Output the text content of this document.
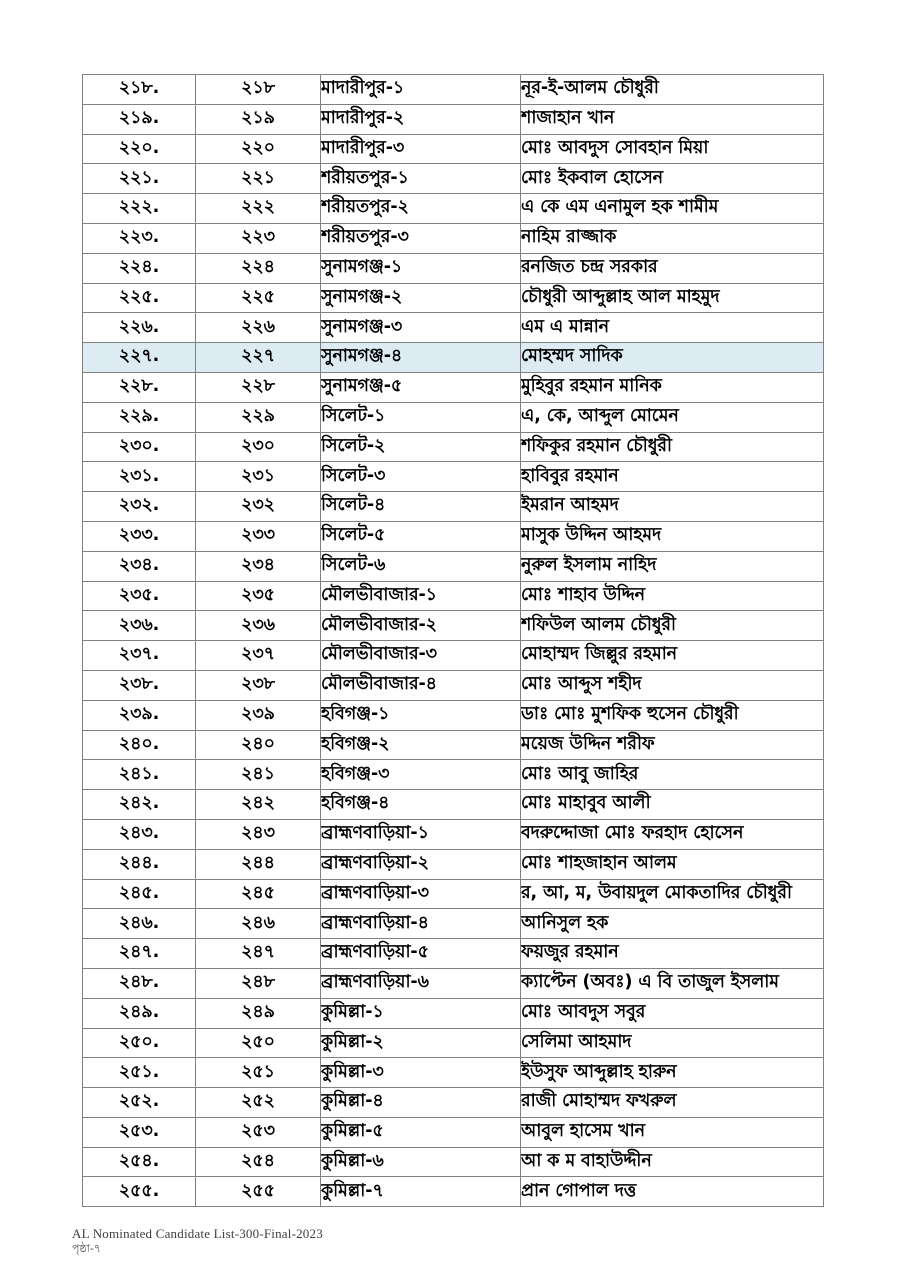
২১৮.	২১৮	মাদারীপুর-১	নূর-ই-আলম চৌধুরী
২১৯.	২১৯	মাদারীপুর-২	শাজাহান খান
২২০.	২২০	মাদারীপুর-৩	মোঃ আবদুস সোবহান মিয়া
২২১.	২২১	শরীয়তপুর-১	মোঃ ইকবাল হোসেন
২২২.	২২২	শরীয়তপুর-২	এ কে এম এনামুল হক শামীম
২২৩.	২২৩	শরীয়তপুর-৩	নাহিম রাজ্জাক
২২৪.	২২৪	সুনামগঞ্জ-১	রনজিত চন্দ্র সরকার
২২৫.	২২৫	সুনামগঞ্জ-২	চৌধুরী আব্দুল্লাহ আল মাহমুদ
২২৬.	২২৬	সুনামগঞ্জ-৩	এম এ মান্নান
২২৭.	২২৭	সুনামগঞ্জ-৪	মোহম্মদ সাদিক
২২৮.	২২৮	সুনামগঞ্জ-৫	মুহিবুর রহমান মানিক
২২৯.	২২৯	সিলেট-১	এ, কে, আব্দুল মোমেন
২৩০.	২৩০	সিলেট-২	শফিকুর রহমান চৌধুরী
২৩১.	২৩১	সিলেট-৩	হাবিবুর রহমান
২৩২.	২৩২	সিলেট-৪	ইমরান আহমদ
২৩৩.	২৩৩	সিলেট-৫	মাসুক উদ্দিন আহমদ
২৩৪.	২৩৪	সিলেট-৬	নুরুল ইসলাম নাহিদ
২৩৫.	২৩৫	মৌলভীবাজার-১	মোঃ শাহাব উদ্দিন
২৩৬.	২৩৬	মৌলভীবাজার-২	শফিউল আলম চৌধুরী
২৩৭.	২৩৭	মৌলভীবাজার-৩	মোহাম্মদ জিল্লুর রহমান
২৩৮.	২৩৮	মৌলভীবাজার-৪	মোঃ আব্দুস শহীদ
২৩৯.	২৩৯	হবিগঞ্জ-১	ডাঃ মোঃ মুশফিক হুসেন চৌধুরী
২৪০.	২৪০	হবিগঞ্জ-২	ময়েজ উদ্দিন শরীফ
২৪১.	২৪১	হবিগঞ্জ-৩	মোঃ আবু জাহির
২৪২.	২৪২	হবিগঞ্জ-৪	মোঃ মাহাবুব আলী
২৪৩.	২৪৩	ব্রাহ্মণবাড়িয়া-১	বদরুদ্দোজা মোঃ ফরহাদ হোসেন
২৪৪.	২৪৪	ব্রাহ্মণবাড়িয়া-২	মোঃ শাহজাহান আলম
২৪৫.	২৪৫	ব্রাহ্মণবাড়িয়া-৩	র, আ, ম, উবায়দুল মোকতাদির চৌধুরী
২৪৬.	২৪৬	ব্রাহ্মণবাড়িয়া-৪	আনিসুল হক
২৪৭.	২৪৭	ব্রাহ্মণবাড়িয়া-৫	ফয়জুর রহমান
২৪৮.	২৪৮	ব্রাহ্মণবাড়িয়া-৬	ক্যাপ্টেন (অবঃ) এ বি তাজুল ইসলাম
২৪৯.	২৪৯	কুমিল্লা-১	মোঃ আবদুস সবুর
২৫০.	২৫০	কুমিল্লা-২	সেলিমা আহমাদ
২৫১.	২৫১	কুমিল্লা-৩	ইউসুফ আব্দুল্লাহ হারুন
২৫২.	২৫২	কুমিল্লা-৪	রাজী মোহাম্মদ ফখরুল
২৫৩.	২৫৩	কুমিল্লা-৫	আবুল হাসেম খান
২৫৪.	২৫৪	কুমিল্লা-৬	আ ক ম বাহাউদ্দীন
২৫৫.	২৫৫	কুমিল্লা-৭	প্রান গোপাল দত্ত
AL Nominated Candidate List-300-Final-2023
পৃষ্ঠা-৭
